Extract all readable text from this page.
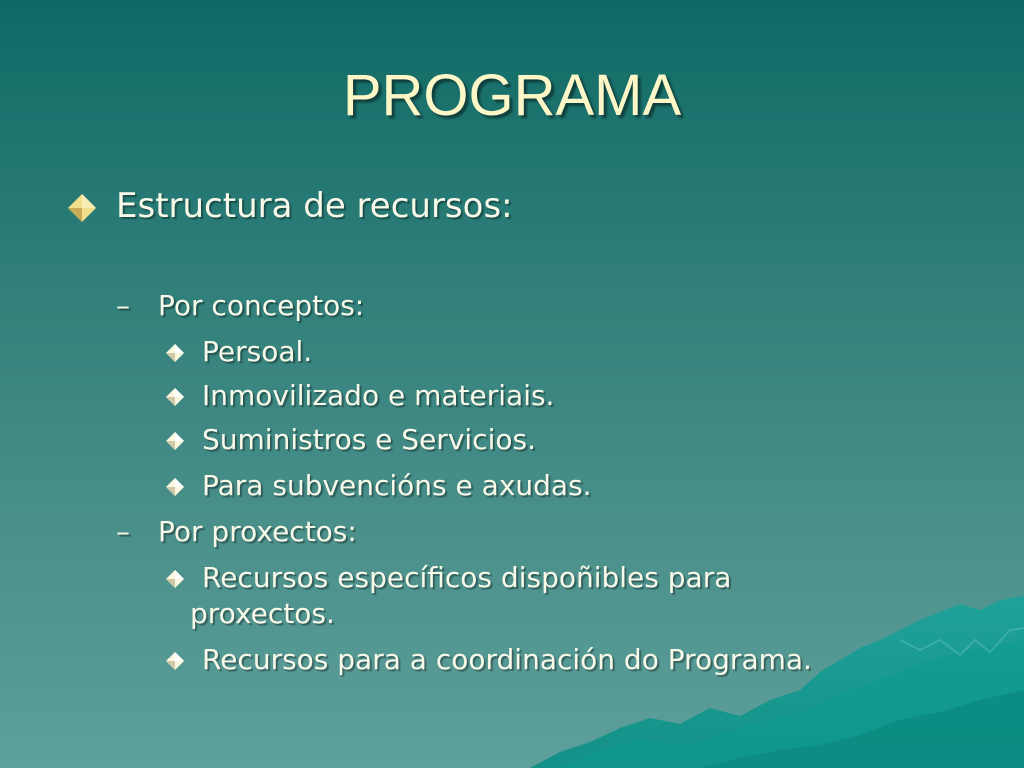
PROGRAMA
Estructura de recursos:
– Por conceptos:
Persoal.
Inmovilizado e materiais.
Suministros e Servicios.
Para subvencións e axudas.
– Por proxectos:
Recursos específicos dispoñibles para
proxectos.
Recursos para a coordinación do Programa.
